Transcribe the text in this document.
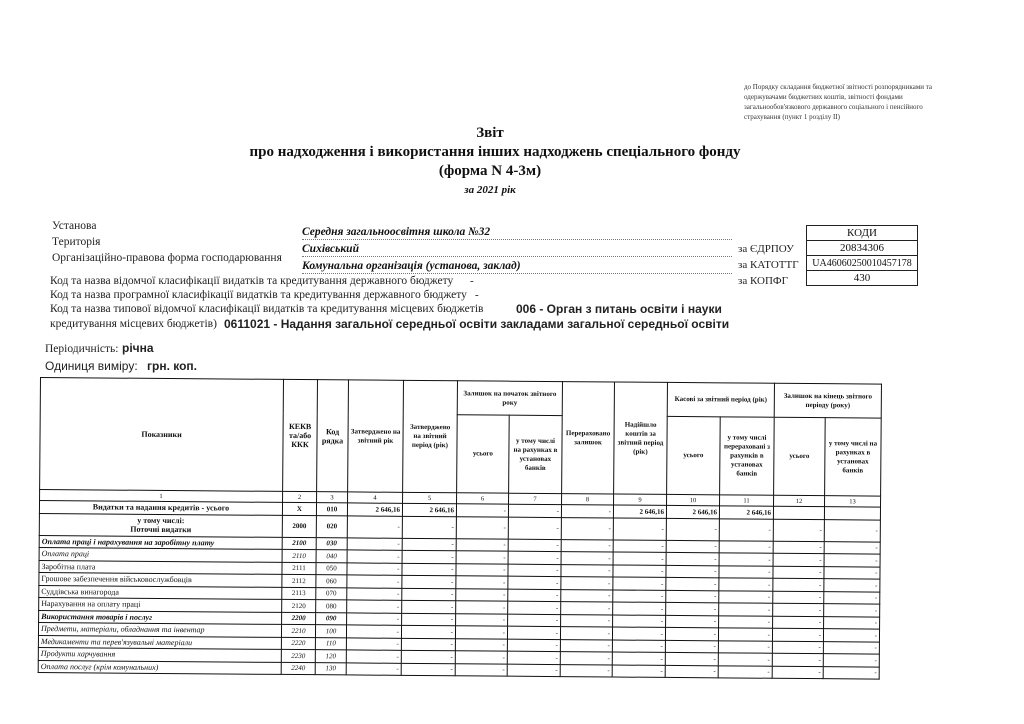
до Порядку складання бюджетної звітності розпорядниками та одержувачами бюджетних коштів, звітності фондами загальнообов'язкового державного соціального і пенсійного страхування (пункт 1 розділу II)
Звіт
про надходження і використання інших надходжень спеціального фонду
(форма N 4-3м)
за 2021 рік
Установа	Середня загальноосвітня школа №32
Територія
Сихівський
Організаційно-правова форма господарювання
Комунальна організація (установа, заклад)
Код та назва відомчої класифікації видатків та кредитування державного бюджету -
Код та назва програмної класифікації видатків та кредитування державного бюджету -
Код та назва типової відомчої класифікації видатків та кредитування місцевих бюджетів	006 - Орган з питань освіти і науки
кредитування місцевих бюджетів) 0611021 - Надання загальної середньої освіти закладами загальної середньої освіти
Періодичність: річна
Одиниця виміру: грн. коп.
за ЄДРПОУ
за КАТОТТГ
за КОПФГ
КОДИ
20834306
UA46060250010457178
430
Показники	КЕКВ та/або ККК	Код рядка	Затверджено на звітний рік	Затверджено на звітний період (рік)	Залишок на початок звітного року		Перераховано залишок	Надійшло коштів за звітний період (рік)	Касові за звітний період (рік)		Залишок на кінець звітного періоду (року)	
					усього	у тому числі на рахунках в установах банків			усього	у тому числі перераховані з рахунків в установах банків	усього	у тому числі на рахунках в установах банків
1	2	3	4	5	6	7	8	9	10	11	12	13

Видатки та надання кредитів - усього	X	010	2 646,16	2 646,16	-	-	-	2 646,16	2 646,16	2 646,16		

у тому числі:
Поточні видатки	2000	020	-	-	-	-	-	-	-	-	-	-

Оплата праці і нарахування на заробітну плату	2100	030	-	-	-	-	-	-	-	-	-	-

Оплата праці	2110	040	-	-	-	-	-	-	-	-	-	-

Заробітна плата	2111	050	-	-	-	-	-	-	-	-	-	-

Грошове забезпечення військовослужбовців	2112	060	-	-	-	-	-	-	-	-	-	-

Суддівська винагорода	2113	070	-	-	-	-	-	-	-	-	-	-

Нарахування на оплату праці	2120	080	-	-	-	-	-	-	-	-	-	-

Використання товарів і послуг	2200	090	-	-	-	-	-	-	-	-	-	-

Предмети, матеріали, обладнання та інвентар	2210	100	-	-	-	-	-	-	-	-	-	-

Медикаменти та перев'язувальні матеріали	2220	110	-	-	-	-	-	-	-	-	-	-

Продукти харчування	2230	120	-	-	-	-	-	-	-	-	-	-

Оплата послуг (крім комунальних)	2240	130	-	-	-	-	-	-	-	-	-	-
